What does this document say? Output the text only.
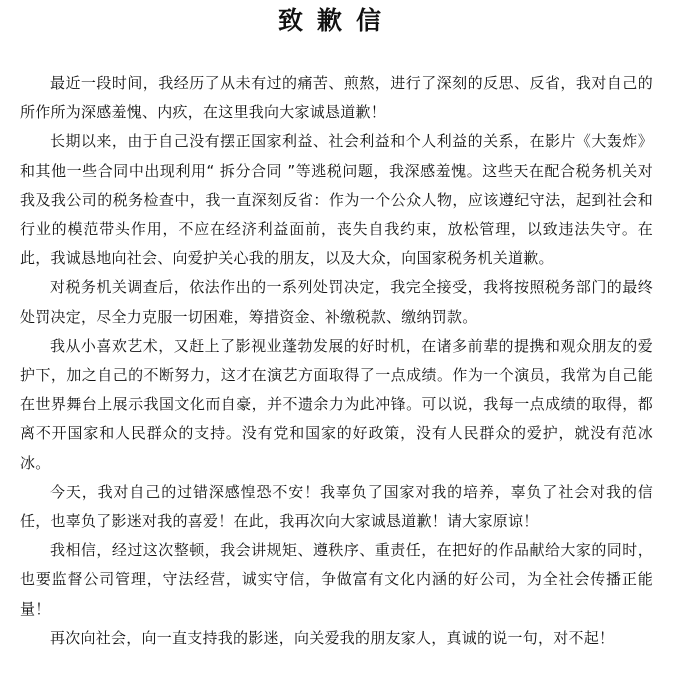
致歉信

最近一段时间，我经历了从未有过的痛苦、煎熬，进行了深刻的反思、反省，我对自己的所作所为深感羞愧、内疚，在这里我向大家诚恳道歉！

长期以来，由于自己没有摆正国家利益、社会利益和个人利益的关系，在影片《大轰炸》和其他一些合同中出现利用“ 拆分合同 ”等逃税问题，我深感羞愧。这些天在配合税务机关对我及我公司的税务检查中，我一直深刻反省：作为一个公众人物，应该遵纪守法，起到社会和行业的模范带头作用，不应在经济利益面前，丧失自我约束，放松管理，以致违法失守。在此，我诚恳地向社会、向爱护关心我的朋友，以及大众，向国家税务机关道歉。

对税务机关调查后，依法作出的一系列处罚决定，我完全接受，我将按照税务部门的最终处罚决定，尽全力克服一切困难，筹措资金、补缴税款、缴纳罚款。

我从小喜欢艺术，又赶上了影视业蓬勃发展的好时机，在诸多前辈的提携和观众朋友的爱护下，加之自己的不断努力，这才在演艺方面取得了一点成绩。作为一个演员，我常为自己能在世界舞台上展示我国文化而自豪，并不遗余力为此冲锋。可以说，我每一点成绩的取得，都离不开国家和人民群众的支持。没有党和国家的好政策，没有人民群众的爱护，就没有范冰冰。

今天，我对自己的过错深感惶恐不安！我辜负了国家对我的培养，辜负了社会对我的信任，也辜负了影迷对我的喜爱！在此，我再次向大家诚恳道歉！请大家原谅！

我相信，经过这次整顿，我会讲规矩、遵秩序、重责任，在把好的作品献给大家的同时，也要监督公司管理，守法经营，诚实守信，争做富有文化内涵的好公司，为全社会传播正能量！

再次向社会，向一直支持我的影迷，向关爱我的朋友家人，真诚的说一句，对不起！
